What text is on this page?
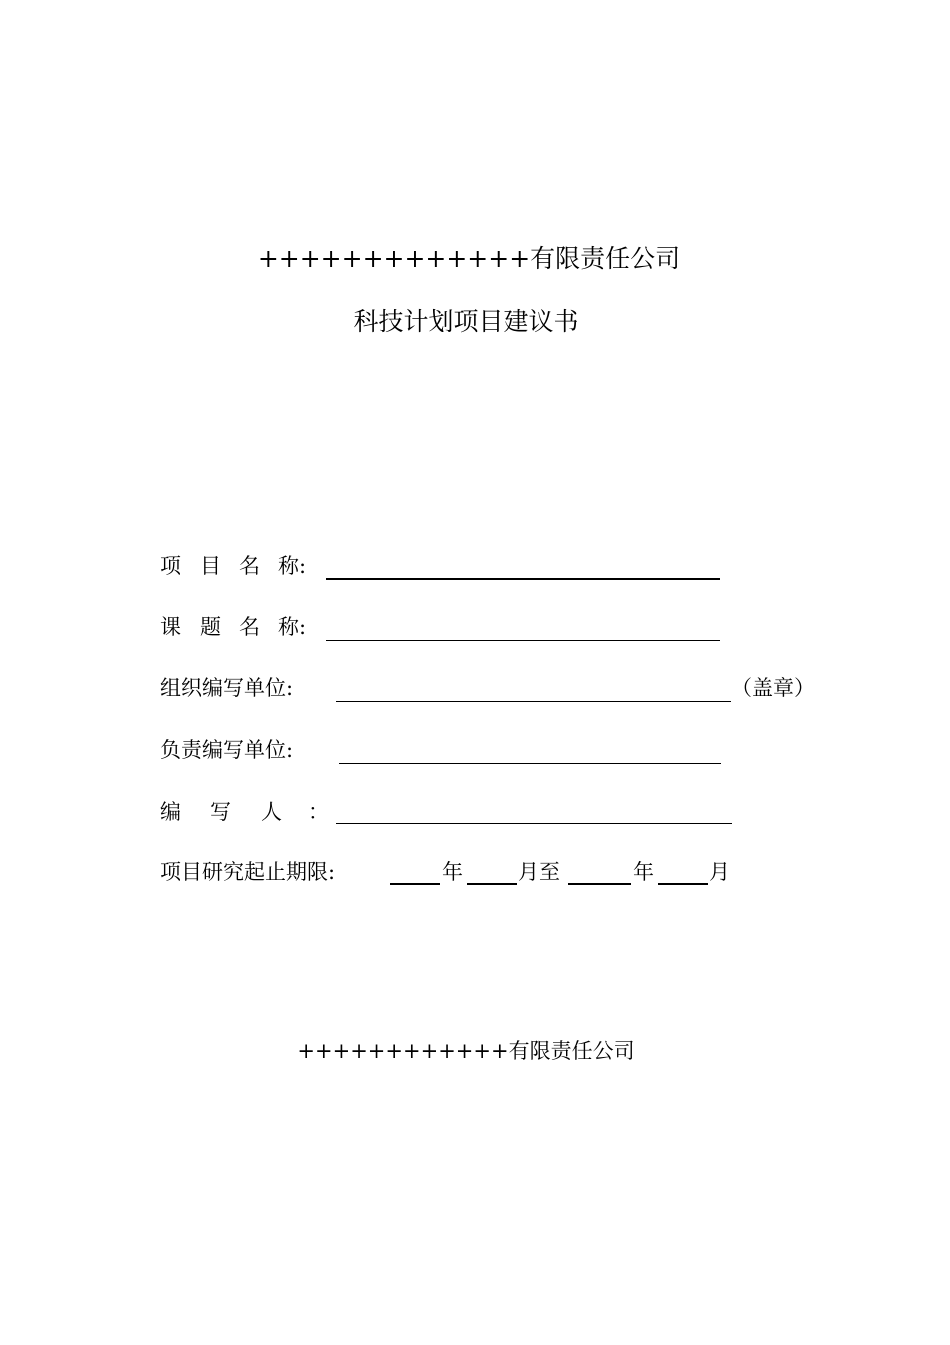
+++++++++++++有限责任公司
科技计划项目建议书
项 目 名 称:
课 题 名 称:
组织编写单位:	（盖章）
负责编写单位:
编 写 人 ：
项目研究起止期限:	年	月至	年	月
++++++++++++有限责任公司
